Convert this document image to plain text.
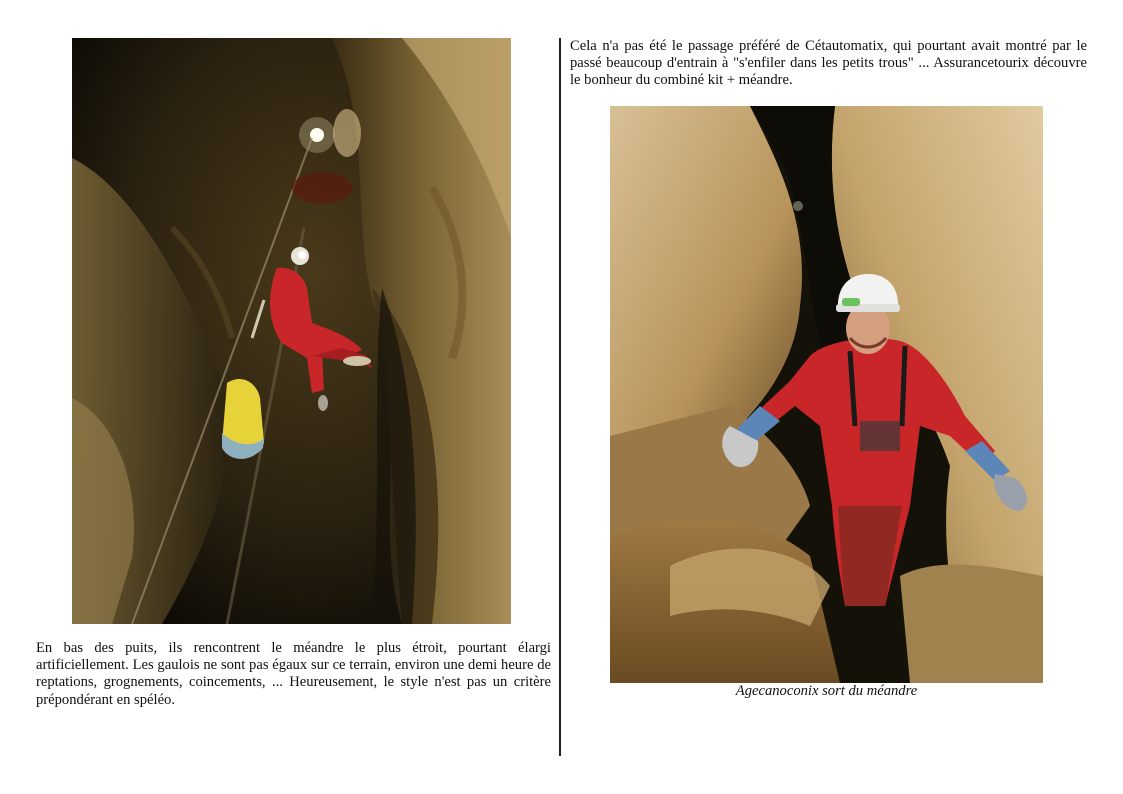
En bas des puits, ils rencontrent le méandre le plus étroit, pourtant élargi artificiellement. Les gaulois ne sont pas égaux sur ce terrain, environ une demi heure de reptations, grognements, coincements, ... Heureusement, le style n'est pas un critère prépondérant en spéléo.

Cela n'a pas été le passage préféré de Cétautomatix, qui pourtant avait montré par le passé beaucoup d'entrain à "s'enfiler dans les petits trous" ... Assurancetourix découvre le bonheur du combiné kit + méandre.

Agecanoconix sort du méandre
